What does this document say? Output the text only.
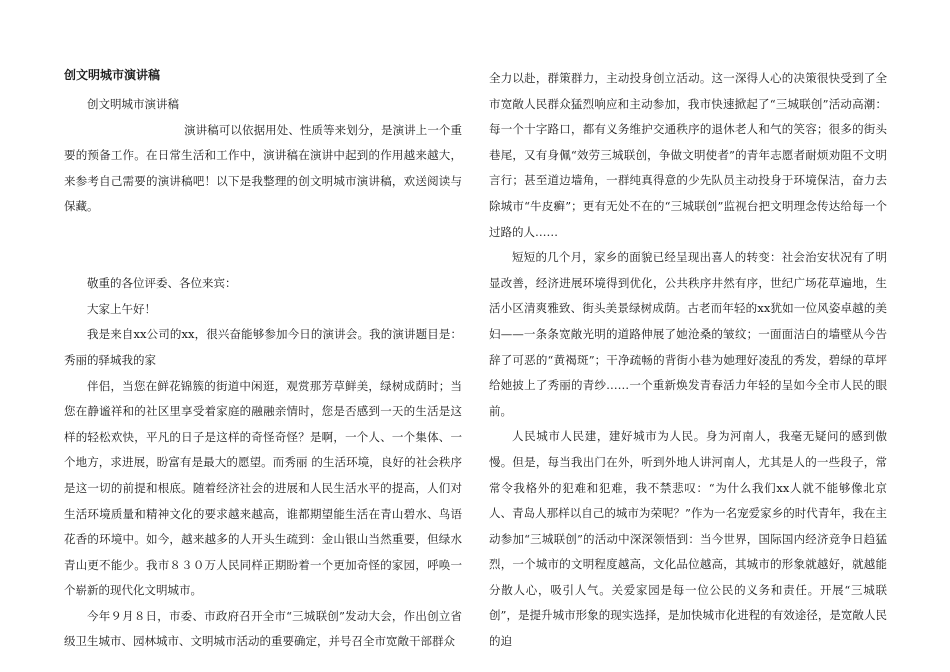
创文明城市演讲稿

创文明城市演讲稿

演讲稿可以依据用处、性质等来划分，是演讲上一个重要的预备工作。在日常生活和工作中，演讲稿在演讲中起到的作用越来越大，来参考自己需要的演讲稿吧！以下是我整理的创文明城市演讲稿，欢送阅读与保藏。

敬重的各位评委、各位来宾：

大家上午好！

我是来自xx公司的xx，很兴奋能够参加今日的演讲会。我的演讲题目是：秀丽的驿城我的家

伴侣，当您在鲜花锦簇的街道中闲逛，观赏那芳草鲜美，绿树成荫时；当您在静谧祥和的社区里享受着家庭的融融亲情时，您是否感到一天的生活是这样的轻松欢快，平凡的日子是这样的奇怪奇怪？是啊，一个人、一个集体、一个地方，求进展，盼富有是最大的愿望。而秀丽 的生活环境，良好的社会秩序是这一切的前提和根底。随着经济社会的进展和人民生活水平的提高，人们对生活环境质量和精神文化的要求越来越高，谁都期望能生活在青山碧水、鸟语花香的环境中。如今，越来越多的人开头生疏到：金山银山当然重要，但绿水青山更不能少。我市８３０万人民同样正期盼着一个更加奇怪的家园，呼唤一个崭新的现代化文明城市。

今年９月８日，市委、市政府召开全市“三城联创”发动大会，作出创立省级卫生城市、园林城市、文明城市活动的重要确定，并号召全市宽敞干部群众

全力以赴，群策群力，主动投身创立活动。这一深得人心的决策很快受到了全市宽敞人民群众猛烈响应和主动参加，我市快速掀起了“三城联创”活动高潮：每一个十字路口，都有义务维护交通秩序的退休老人和气的笑容；很多的街头巷尾，又有身佩“效劳三城联创，争做文明使者”的青年志愿者耐烦劝阻不文明言行；甚至道边墙角，一群纯真得意的少先队员主动投身于环境保洁，奋力去除城市“牛皮癣”；更有无处不在的“三城联创”监视台把文明理念传达给每一个过路的人……

短短的几个月，家乡的面貌已经呈现出喜人的转变：社会治安状况有了明显改善，经济进展环境得到优化，公共秩序井然有序，世纪广场花草遍地，生活小区清爽雅致、街头美景绿树成荫。古老而年轻的xx犹如一位风姿卓越的美妇——一条条宽敞光明的道路伸展了她沧桑的皱纹；一面面洁白的墙壁从今告辞了可恶的“黄褐斑”；干净疏畅的背街小巷为她理好凌乱的秀发，碧绿的草坪给她披上了秀丽的青纱……一个重新焕发青春活力年轻的呈如今全市人民的眼前。

人民城市人民建，建好城市为人民。身为河南人，我毫无疑问的感到傲慢。但是，每当我出门在外，听到外地人讲河南人，尤其是人的一些段子，常常令我格外的犯难和犯难，我不禁悲叹：“为什么我们xx人就不能够像北京人、青岛人那样以自己的城市为荣呢？”作为一名宠爱家乡的时代青年，我在主动参加“三城联创”的活动中深深领悟到：当今世界，国际国内经济竞争日趋猛烈，一个城市的文明程度越高，文化品位越高，其城市的形象就越好，就越能分散人心，吸引人气。关爱家园是每一位公民的义务和责任。开展“三城联创”，是提升城市形象的现实选择，是加快城市化进程的有效途径，是宽敞人民的迫
